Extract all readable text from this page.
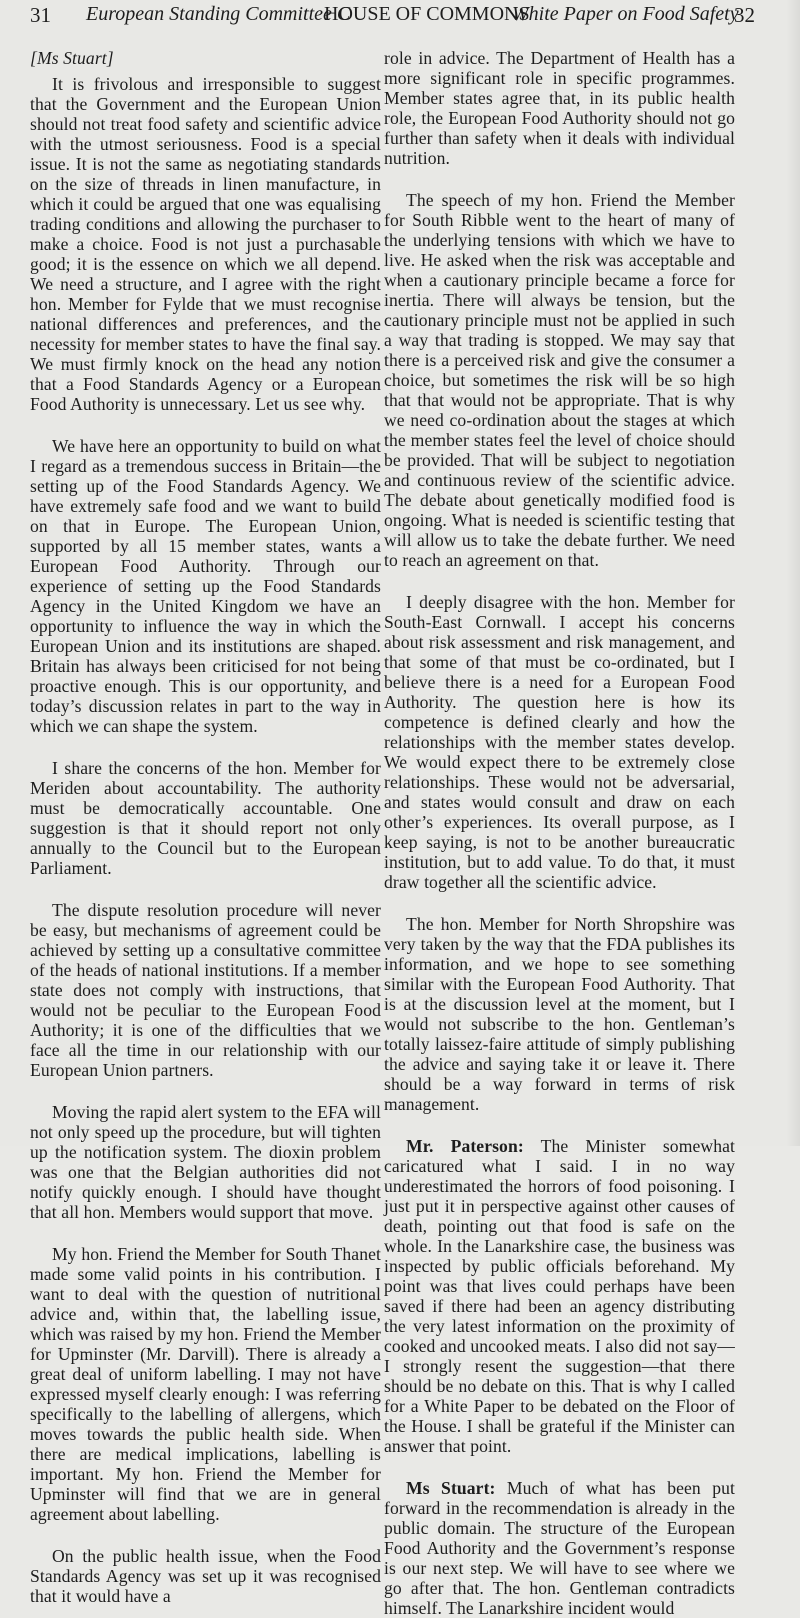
31 European Standing Committee C
HOUSE OF COMMONS
White Paper on Food Safety
32

[Ms Stuart]

It is frivolous and irresponsible to suggest that the Government and the European Union should not treat food safety and scientific advice with the utmost seriousness. Food is a special issue. It is not the same as negotiating standards on the size of threads in linen manufacture, in which it could be argued that one was equalising trading conditions and allowing the purchaser to make a choice. Food is not just a purchasable good; it is the essence on which we all depend. We need a structure, and I agree with the right hon. Member for Fylde that we must recognise national differences and preferences, and the necessity for member states to have the final say. We must firmly knock on the head any notion that a Food Standards Agency or a European Food Authority is unnecessary. Let us see why.

We have here an opportunity to build on what I regard as a tremendous success in Britain—the setting up of the Food Standards Agency. We have extremely safe food and we want to build on that in Europe. The European Union, supported by all 15 member states, wants a European Food Authority. Through our experience of setting up the Food Standards Agency in the United Kingdom we have an opportunity to influence the way in which the European Union and its institutions are shaped. Britain has always been criticised for not being proactive enough. This is our opportunity, and today’s discussion relates in part to the way in which we can shape the system.

I share the concerns of the hon. Member for Meriden about accountability. The authority must be democratically accountable. One suggestion is that it should report not only annually to the Council but to the European Parliament.

The dispute resolution procedure will never be easy, but mechanisms of agreement could be achieved by setting up a consultative committee of the heads of national institutions. If a member state does not comply with instructions, that would not be peculiar to the European Food Authority; it is one of the difficulties that we face all the time in our relationship with our European Union partners.

Moving the rapid alert system to the EFA will not only speed up the procedure, but will tighten up the notification system. The dioxin problem was one that the Belgian authorities did not notify quickly enough. I should have thought that all hon. Members would support that move.

My hon. Friend the Member for South Thanet made some valid points in his contribution. I want to deal with the question of nutritional advice and, within that, the labelling issue, which was raised by my hon. Friend the Member for Upminster (Mr. Darvill). There is already a great deal of uniform labelling. I may not have expressed myself clearly enough: I was referring specifically to the labelling of allergens, which moves towards the public health side. When there are medical implications, labelling is important. My hon. Friend the Member for Upminster will find that we are in general agreement about labelling.

On the public health issue, when the Food Standards Agency was set up it was recognised that it would have a

role in advice. The Department of Health has a more significant role in specific programmes. Member states agree that, in its public health role, the European Food Authority should not go further than safety when it deals with individual nutrition.

The speech of my hon. Friend the Member for South Ribble went to the heart of many of the underlying tensions with which we have to live. He asked when the risk was acceptable and when a cautionary principle became a force for inertia. There will always be tension, but the cautionary principle must not be applied in such a way that trading is stopped. We may say that there is a perceived risk and give the consumer a choice, but sometimes the risk will be so high that that would not be appropriate. That is why we need co-ordination about the stages at which the member states feel the level of choice should be provided. That will be subject to negotiation and continuous review of the scientific advice. The debate about genetically modified food is ongoing. What is needed is scientific testing that will allow us to take the debate further. We need to reach an agreement on that.

I deeply disagree with the hon. Member for South-East Cornwall. I accept his concerns about risk assessment and risk management, and that some of that must be co-ordinated, but I believe there is a need for a European Food Authority. The question here is how its competence is defined clearly and how the relationships with the member states develop. We would expect there to be extremely close relationships. These would not be adversarial, and states would consult and draw on each other’s experiences. Its overall purpose, as I keep saying, is not to be another bureaucratic institution, but to add value. To do that, it must draw together all the scientific advice.

The hon. Member for North Shropshire was very taken by the way that the FDA publishes its information, and we hope to see something similar with the European Food Authority. That is at the discussion level at the moment, but I would not subscribe to the hon. Gentleman’s totally laissez-faire attitude of simply publishing the advice and saying take it or leave it. There should be a way forward in terms of risk management.

Mr. Paterson: The Minister somewhat caricatured what I said. I in no way underestimated the horrors of food poisoning. I just put it in perspective against other causes of death, pointing out that food is safe on the whole. In the Lanarkshire case, the business was inspected by public officials beforehand. My point was that lives could perhaps have been saved if there had been an agency distributing the very latest information on the proximity of cooked and uncooked meats. I also did not say—I strongly resent the suggestion—that there should be no debate on this. That is why I called for a White Paper to be debated on the Floor of the House. I shall be grateful if the Minister can answer that point.

Ms Stuart: Much of what has been put forward in the recommendation is already in the public domain. The structure of the European Food Authority and the Government’s response is our next step. We will have to see where we go after that. The hon. Gentleman contradicts himself. The Lanarkshire incident would
